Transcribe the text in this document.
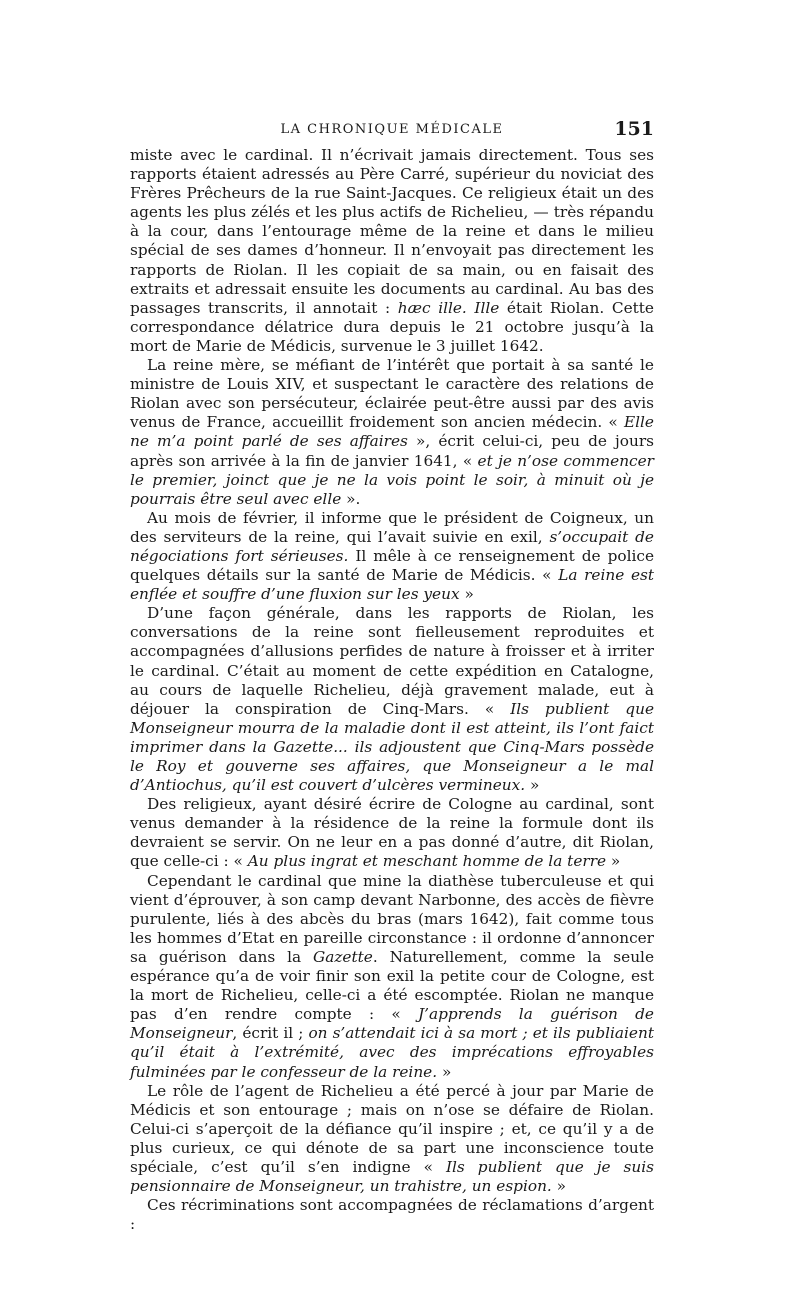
LA CHRONIQUE MÉDICALE	151

miste avec le cardinal. Il n’écrivait jamais directement. Tous ses rapports étaient adressés au Père Carré, supérieur du noviciat des Frères Prêcheurs de la rue Saint-Jacques. Ce religieux était un des agents les plus zélés et les plus actifs de Richelieu, — très répandu à la cour, dans l’entourage même de la reine et dans le milieu spécial de ses dames d’honneur. Il n’envoyait pas directement les rapports de Riolan. Il les copiait de sa main, ou en faisait des extraits et adressait ensuite les documents au cardinal. Au bas des passages transcrits, il annotait : hæc ille. Ille était Riolan. Cette correspondance délatrice dura depuis le 21 octobre jusqu’à la mort de Marie de Médicis, survenue le 3 juillet 1642.

La reine mère, se méfiant de l’intérêt que portait à sa santé le ministre de Louis XIV, et suspectant le caractère des relations de Riolan avec son persécuteur, éclairée peut-être aussi par des avis venus de France, accueillit froidement son ancien médecin. « Elle ne m’a point parlé de ses affaires », écrit celui-ci, peu de jours après son arrivée à la fin de janvier 1641, « et je n’ose commencer le premier, joinct que je ne la vois point le soir, à minuit où je pourrais être seul avec elle ».

Au mois de février, il informe que le président de Coigneux, un des serviteurs de la reine, qui l’avait suivie en exil, s’occupait de négociations fort sérieuses. Il mêle à ce renseignement de police quelques détails sur la santé de Marie de Médicis. « La reine est enflée et souffre d’une fluxion sur les yeux »

D’une façon générale, dans les rapports de Riolan, les conversations de la reine sont fielleusement reproduites et accompagnées d’allusions perfides de nature à froisser et à irriter le cardinal. C’était au moment de cette expédition en Catalogne, au cours de laquelle Richelieu, déjà gravement malade, eut à déjouer la conspiration de Cinq-Mars. « Ils publient que Monseigneur mourra de la maladie dont il est atteint, ils l’ont faict imprimer dans la Gazette... ils adjoustent que Cinq-Mars possède le Roy et gouverne ses affaires, que Monseigneur a le mal d’Antiochus, qu’il est couvert d’ulcères vermineux. »

Des religieux, ayant désiré écrire de Cologne au cardinal, sont venus demander à la résidence de la reine la formule dont ils devraient se servir. On ne leur en a pas donné d’autre, dit Riolan, que celle-ci : « Au plus ingrat et meschant homme de la terre »

Cependant le cardinal que mine la diathèse tuberculeuse et qui vient d’éprouver, à son camp devant Narbonne, des accès de fièvre purulente, liés à des abcès du bras (mars 1642), fait comme tous les hommes d’Etat en pareille circonstance : il ordonne d’annoncer sa guérison dans la Gazette. Naturellement, comme la seule espérance qu’a de voir finir son exil la petite cour de Cologne, est la mort de Richelieu, celle-ci a été escomptée. Riolan ne manque pas d’en rendre compte : « J’apprends la guérison de Monseigneur, écrit il ; on s’attendait ici à sa mort ; et ils publiaient qu’il était à l’extrémité, avec des imprécations effroyables fulminées par le confesseur de la reine. »

Le rôle de l’agent de Richelieu a été percé à jour par Marie de Médicis et son entourage ; mais on n’ose se défaire de Riolan. Celui-ci s’aperçoit de la défiance qu’il inspire ; et, ce qu’il y a de plus curieux, ce qui dénote de sa part une inconscience toute spéciale, c’est qu’il s’en indigne « Ils publient que je suis pensionnaire de Monseigneur, un trahistre, un espion. »

Ces récriminations sont accompagnées de réclamations d’argent :
